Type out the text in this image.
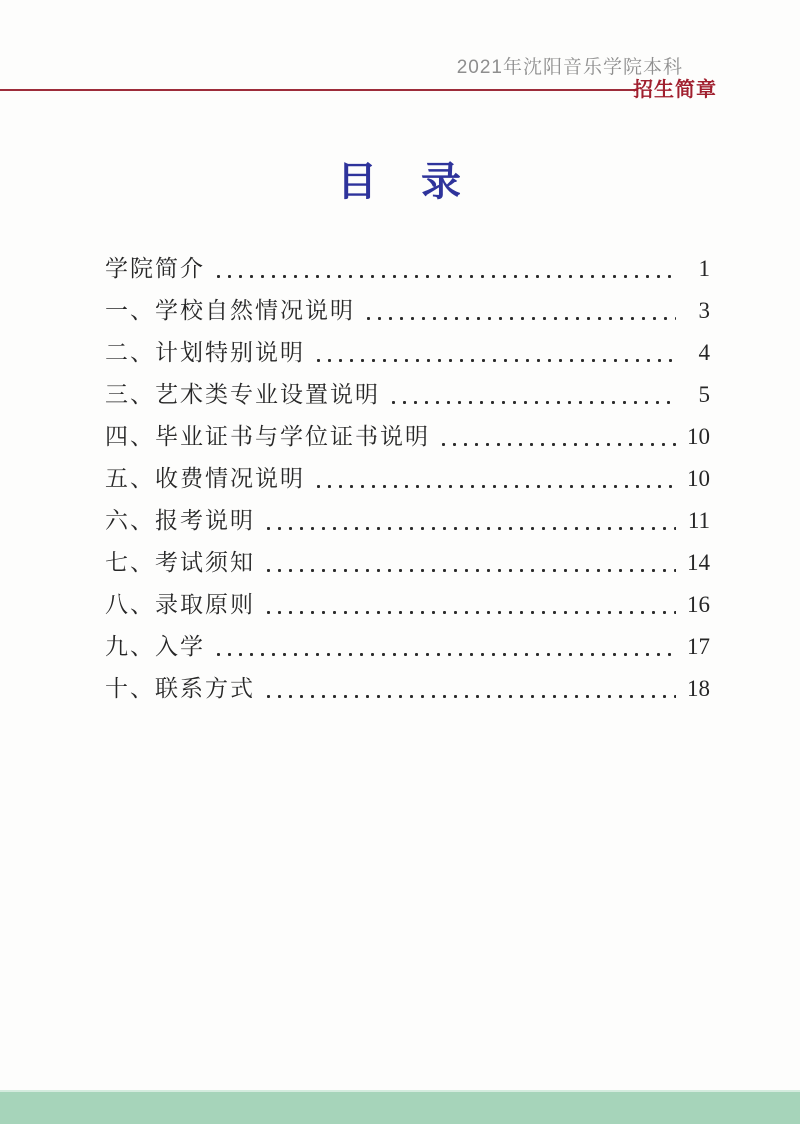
2021年沈阳音乐学院本科
招生简章
目　录
学院简介	1
一、学校自然情况说明	3
二、计划特别说明	4
三、艺术类专业设置说明	5
四、毕业证书与学位证书说明	10
五、收费情况说明	10
六、报考说明	11
七、考试须知	14
八、录取原则	16
九、入学	17
十、联系方式	18
